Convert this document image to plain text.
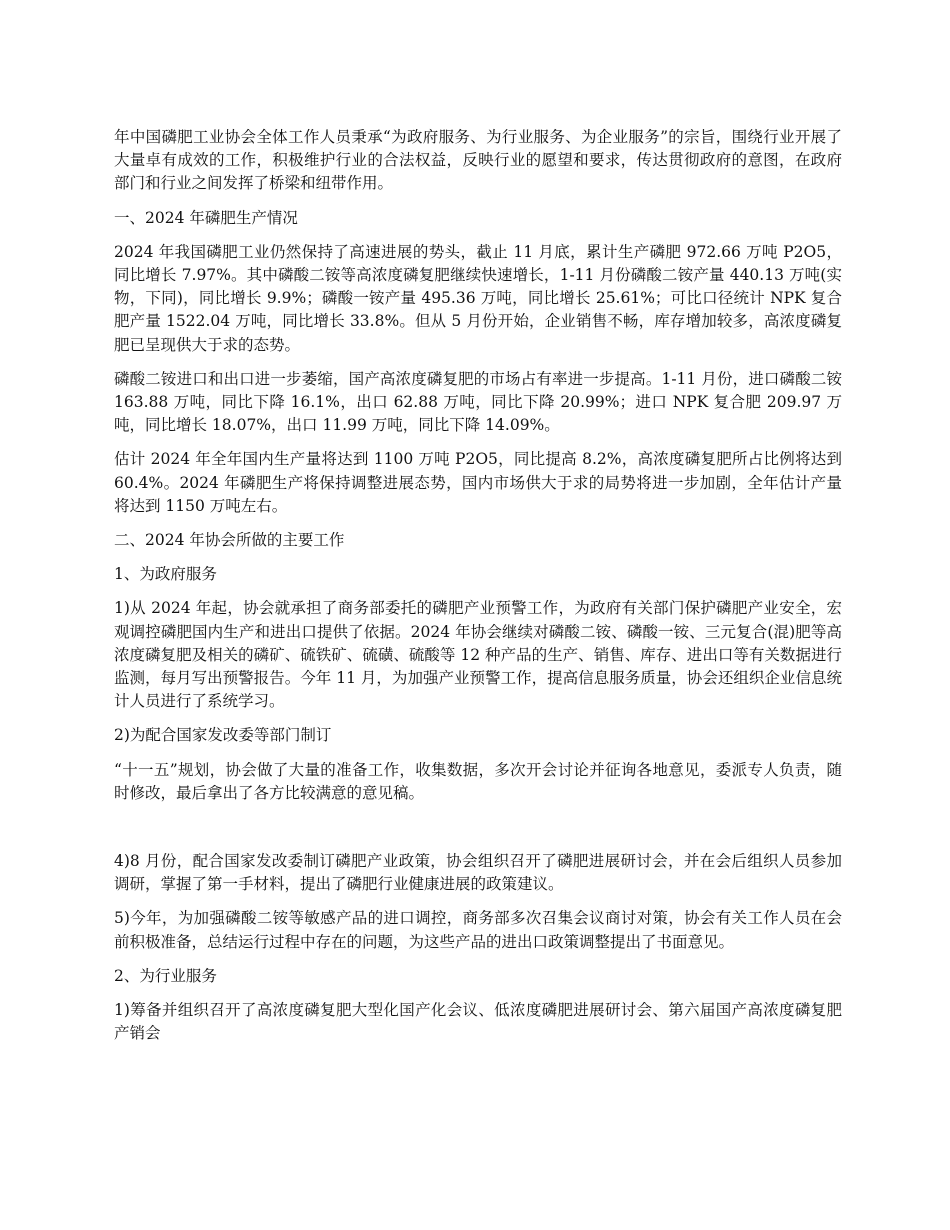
年中国磷肥工业协会全体工作人员秉承“为政府服务、为行业服务、为企业服务”的宗旨，围绕行业开展了大量卓有成效的工作，积极维护行业的合法权益，反映行业的愿望和要求，传达贯彻政府的意图，在政府部门和行业之间发挥了桥梁和纽带作用。

一、2024 年磷肥生产情况

2024 年我国磷肥工业仍然保持了高速进展的势头，截止 11 月底，累计生产磷肥 972.66 万吨 P2O5，同比增长 7.97%。其中磷酸二铵等高浓度磷复肥继续快速增长，1-11 月份磷酸二铵产量 440.13 万吨(实物，下同)，同比增长 9.9%；磷酸一铵产量 495.36 万吨，同比增长 25.61%；可比口径统计 NPK 复合肥产量 1522.04 万吨，同比增长 33.8%。但从 5 月份开始，企业销售不畅，库存增加较多，高浓度磷复肥已呈现供大于求的态势。

磷酸二铵进口和出口进一步萎缩，国产高浓度磷复肥的市场占有率进一步提高。1-11 月份，进口磷酸二铵 163.88 万吨，同比下降 16.1%，出口 62.88 万吨，同比下降 20.99%；进口 NPK 复合肥 209.97 万吨，同比增长 18.07%，出口 11.99 万吨，同比下降 14.09%。

估计 2024 年全年国内生产量将达到 1100 万吨 P2O5，同比提高 8.2%，高浓度磷复肥所占比例将达到 60.4%。2024 年磷肥生产将保持调整进展态势，国内市场供大于求的局势将进一步加剧，全年估计产量将达到 1150 万吨左右。

二、2024 年协会所做的主要工作

1、为政府服务

1)从 2024 年起，协会就承担了商务部委托的磷肥产业预警工作，为政府有关部门保护磷肥产业安全，宏观调控磷肥国内生产和进出口提供了依据。2024 年协会继续对磷酸二铵、磷酸一铵、三元复合(混)肥等高浓度磷复肥及相关的磷矿、硫铁矿、硫磺、硫酸等 12 种产品的生产、销售、库存、进出口等有关数据进行监测，每月写出预警报告。今年 11 月，为加强产业预警工作，提高信息服务质量，协会还组织企业信息统计人员进行了系统学习。

2)为配合国家发改委等部门制订

“十一五”规划，协会做了大量的准备工作，收集数据，多次开会讨论并征询各地意见，委派专人负责，随时修改，最后拿出了各方比较满意的意见稿。

4)8 月份，配合国家发改委制订磷肥产业政策，协会组织召开了磷肥进展研讨会，并在会后组织人员参加调研，掌握了第一手材料，提出了磷肥行业健康进展的政策建议。

5)今年，为加强磷酸二铵等敏感产品的进口调控，商务部多次召集会议商讨对策，协会有关工作人员在会前积极准备，总结运行过程中存在的问题，为这些产品的进出口政策调整提出了书面意见。

2、为行业服务

1)筹备并组织召开了高浓度磷复肥大型化国产化会议、低浓度磷肥进展研讨会、第六届国产高浓度磷复肥产销会
